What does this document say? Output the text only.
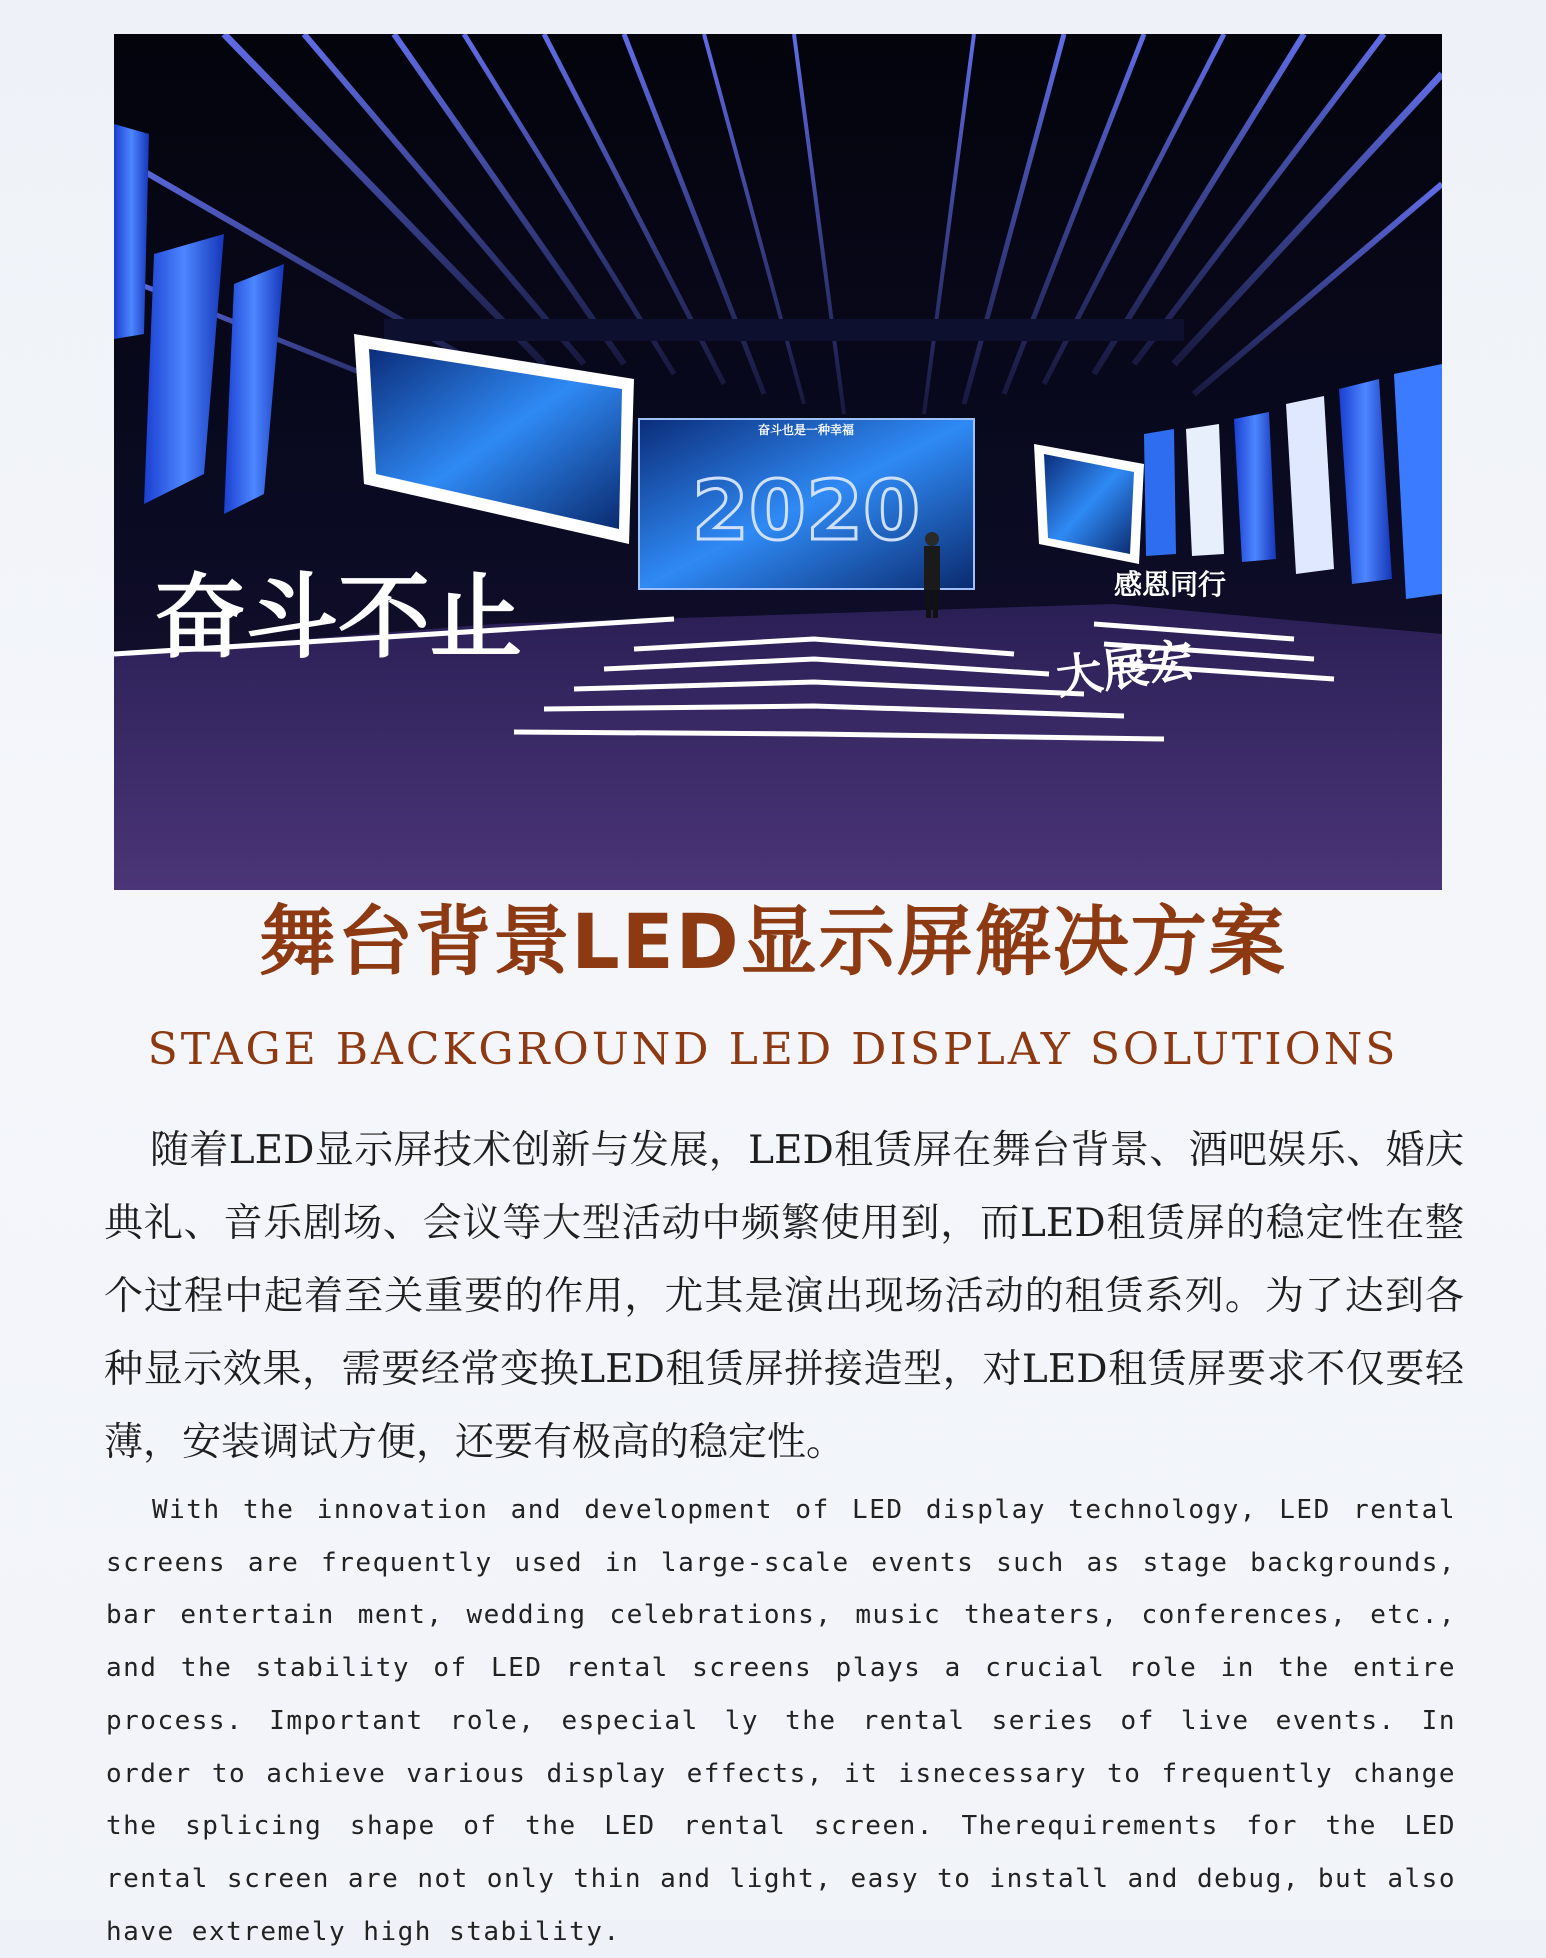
奋斗也是一种幸福
2020
奋斗不止	感恩同行
大展宏
舞台背景LED显示屏解决方案
STAGE BACKGROUND LED DISPLAY SOLUTIONS

随着LED显示屏技术创新与发展，LED租赁屏在舞台背景、酒吧娱乐、婚庆典礼、音乐剧场、会议等大型活动中频繁使用到，而LED租赁屏的稳定性在整个过程中起着至关重要的作用，尤其是演出现场活动的租赁系列。为了达到各种显示效果，需要经常变换LED租赁屏拼接造型，对LED租赁屏要求不仅要轻薄，安装调试方便，还要有极高的稳定性。

With the innovation and development of LED display technology, LED rental screens are frequently used in large-scale events such as stage backgrounds, bar entertain ment, wedding celebrations, music theaters, conferences, etc., and the stability of LED rental screens plays a crucial role in the entire process. Important role, especial ly the rental series of live events. In order to achieve various display effects, it isnecessary to frequently change the splicing shape of the LED rental screen. Therequirements for the LED rental screen are not only thin and light, easy to install and debug, but also have extremely high stability.
